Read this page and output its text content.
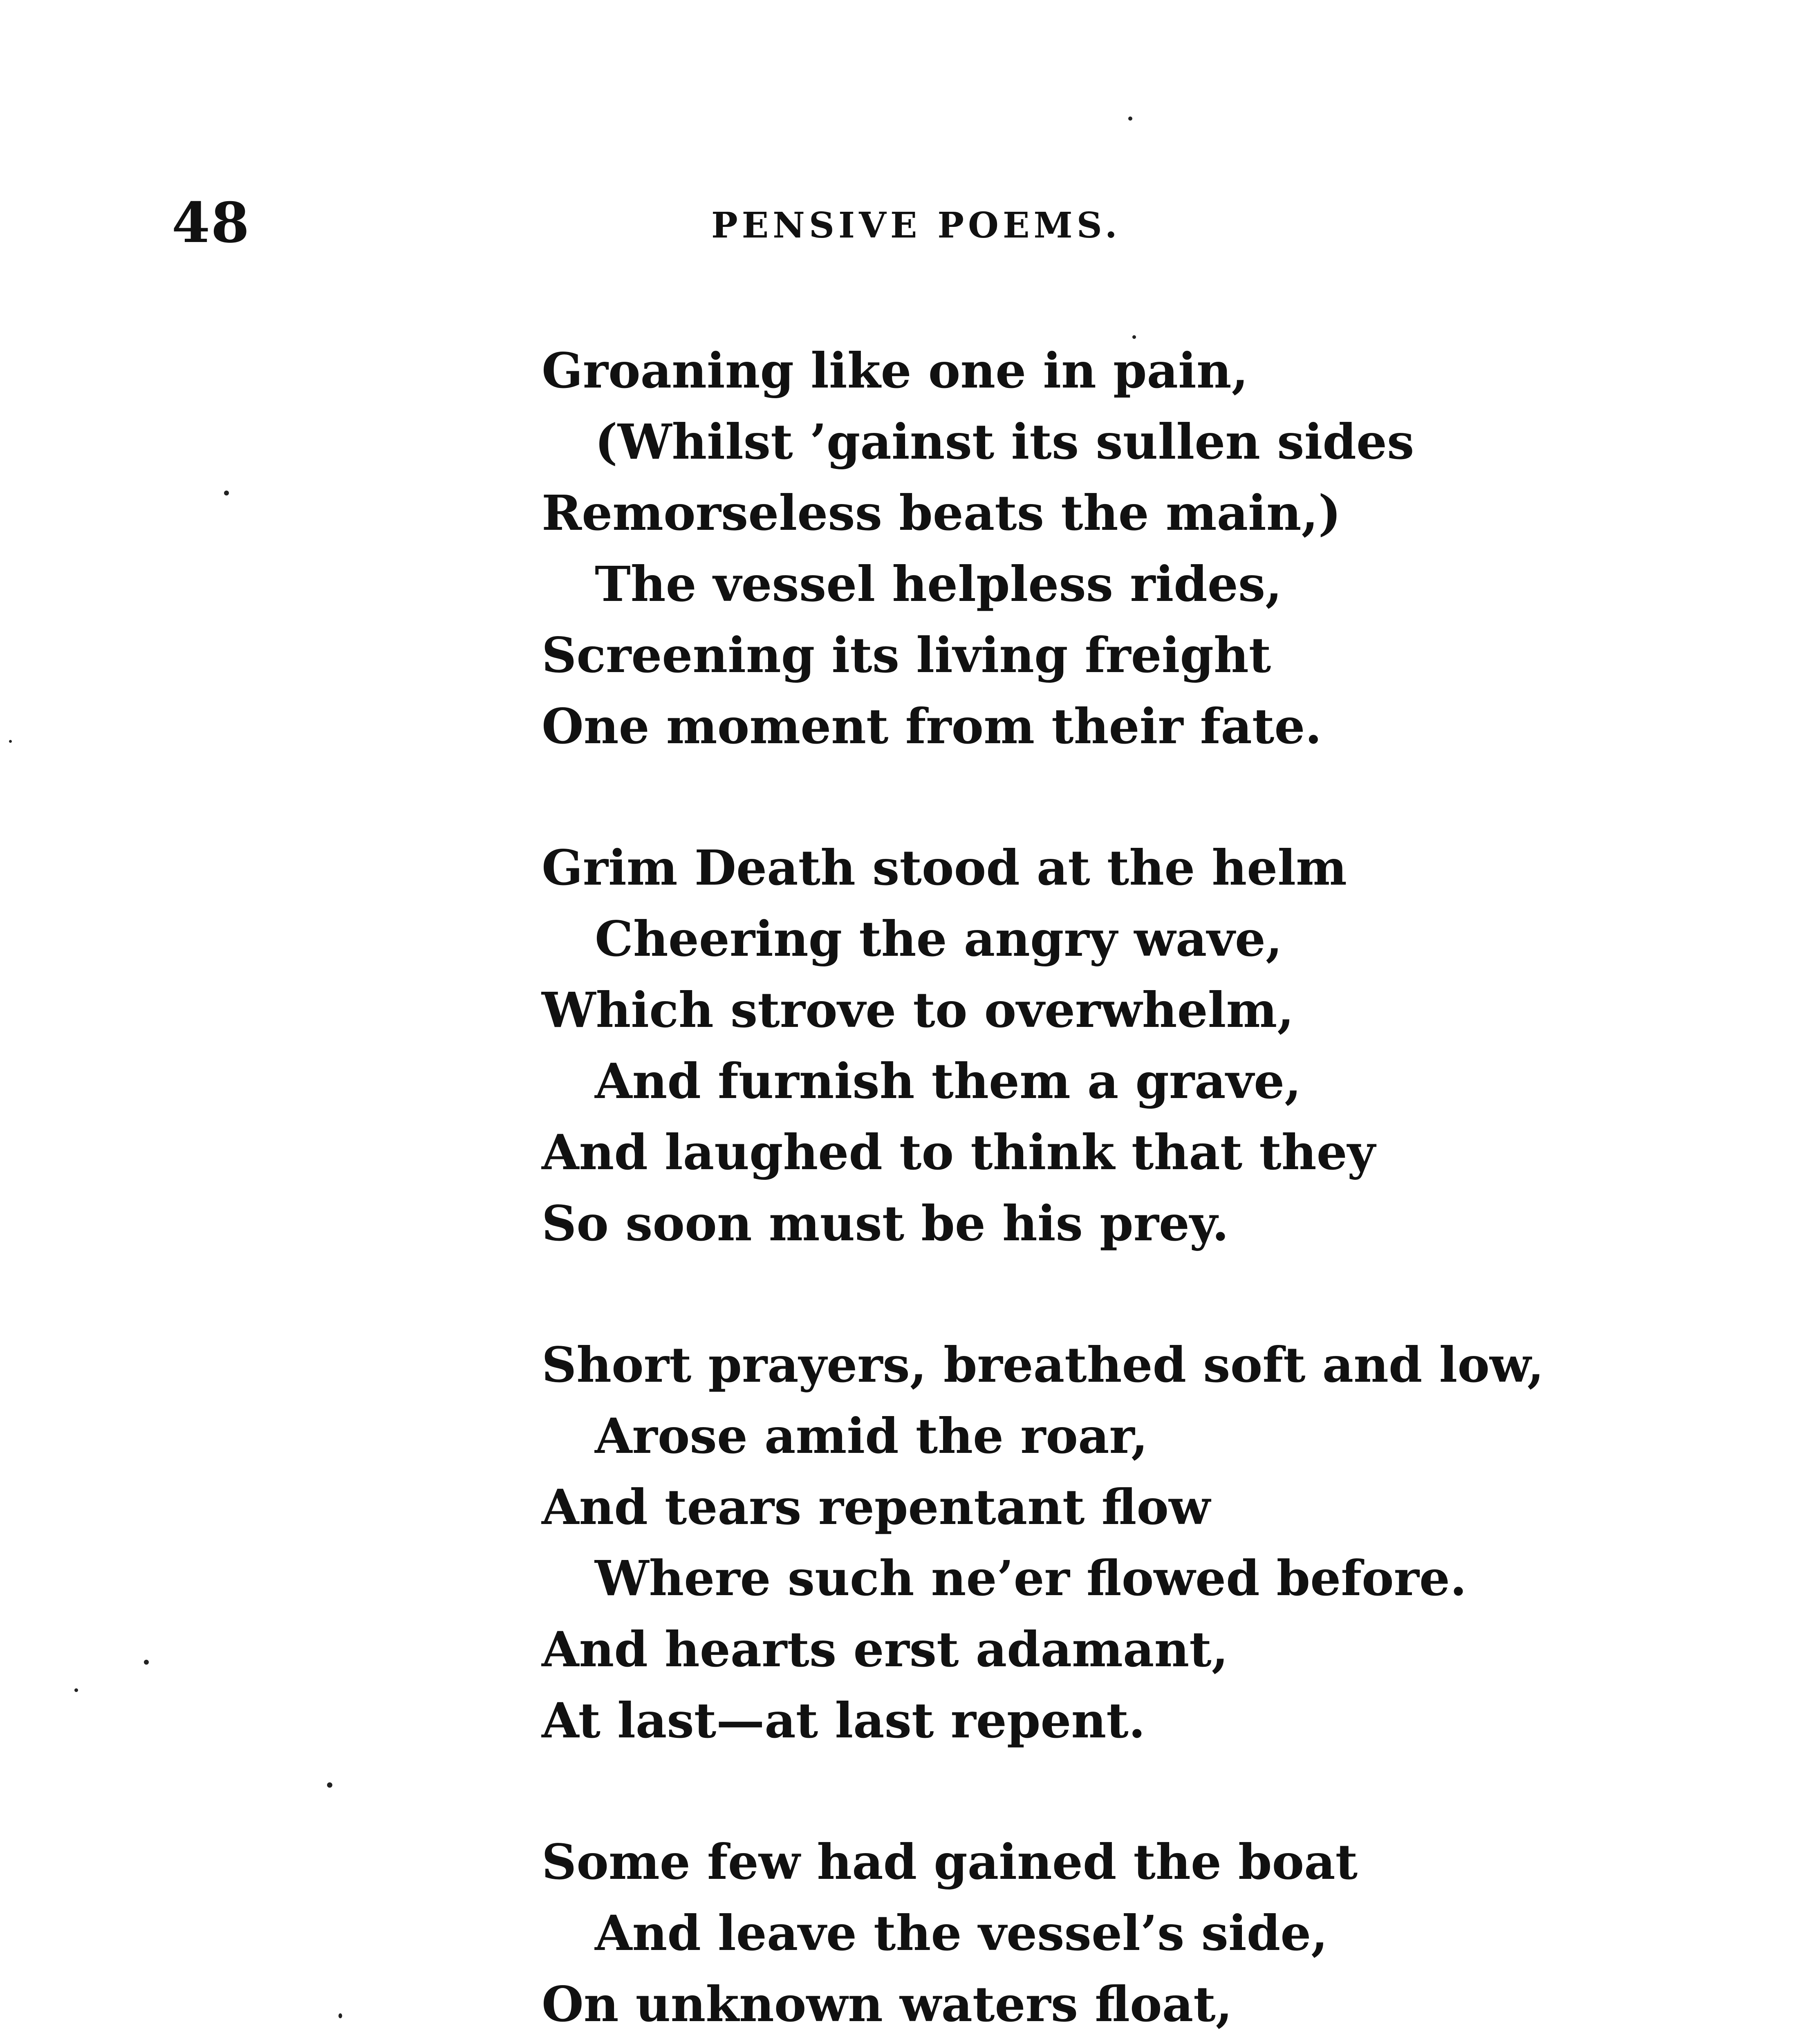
48	PENSIVE POEMS.
Groaning like one in pain,
(Whilst ’gainst its sullen sides
Remorseless beats the main,)
The vessel helpless rides,
Screening its living freight
One moment from their fate.
Grim Death stood at the helm
Cheering the angry wave,
Which strove to overwhelm,
And furnish them a grave,
And laughed to think that they
So soon must be his prey.
Short prayers, breathed soft and low,
Arose amid the roar,
And tears repentant flow
Where such ne’er flowed before.
And hearts erst adamant,
At last—at last repent.
Some few had gained the boat
And leave the vessel’s side,
On unknown waters float,
